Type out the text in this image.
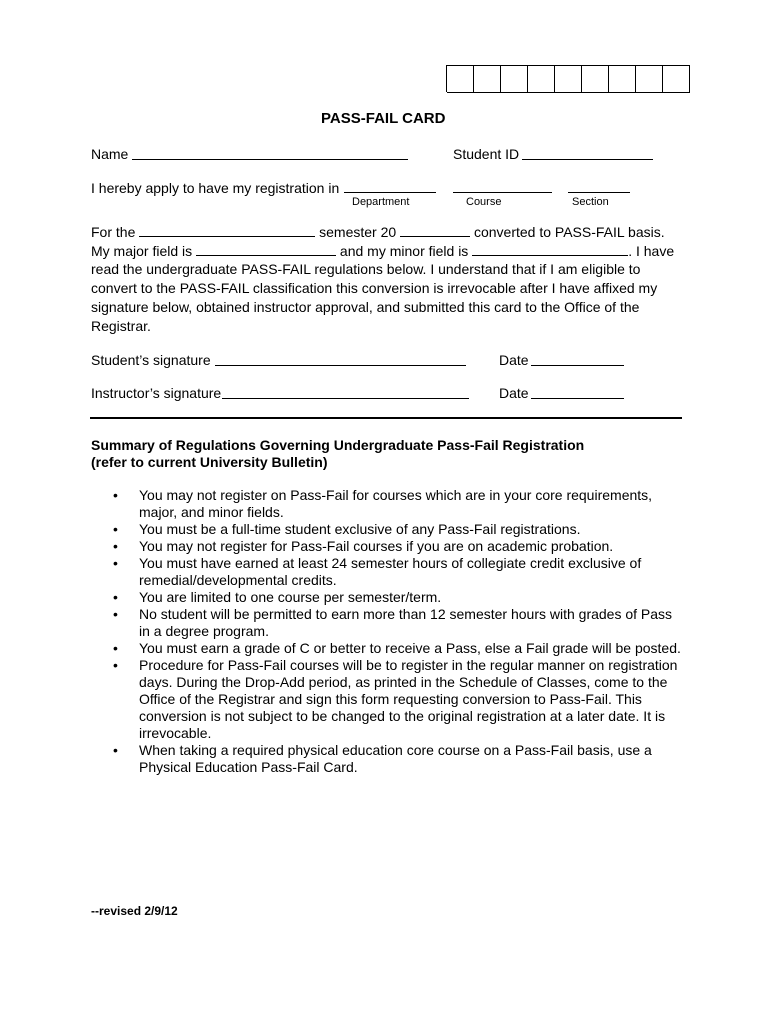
PASS-FAIL CARD
Name	Student ID
I hereby apply to have my registration in
Department	Course	Section
For the	semester 20	converted to PASS-FAIL basis.
My major field is	and my minor field is	. I have
read the undergraduate PASS-FAIL regulations below. I understand that if I am eligible to
convert to the PASS-FAIL classification this conversion is irrevocable after I have affixed my
signature below, obtained instructor approval, and submitted this card to the Office of the
Registrar.
Student’s signature	Date
Instructor’s signature	Date
Summary of Regulations Governing Undergraduate Pass-Fail Registration
(refer to current University Bulletin)
•	You may not register on Pass-Fail for courses which are in your core requirements,
major, and minor fields.
•	You must be a full-time student exclusive of any Pass-Fail registrations.
•	You may not register for Pass-Fail courses if you are on academic probation.
•	You must have earned at least 24 semester hours of collegiate credit exclusive of
remedial/developmental credits.
•	You are limited to one course per semester/term.
•	No student will be permitted to earn more than 12 semester hours with grades of Pass
in a degree program.
•	You must earn a grade of C or better to receive a Pass, else a Fail grade will be posted.
•	Procedure for Pass-Fail courses will be to register in the regular manner on registration
days. During the Drop-Add period, as printed in the Schedule of Classes, come to the
Office of the Registrar and sign this form requesting conversion to Pass-Fail. This
conversion is not subject to be changed to the original registration at a later date. It is
irrevocable.
•	When taking a required physical education core course on a Pass-Fail basis, use a
Physical Education Pass-Fail Card.
--revised 2/9/12
